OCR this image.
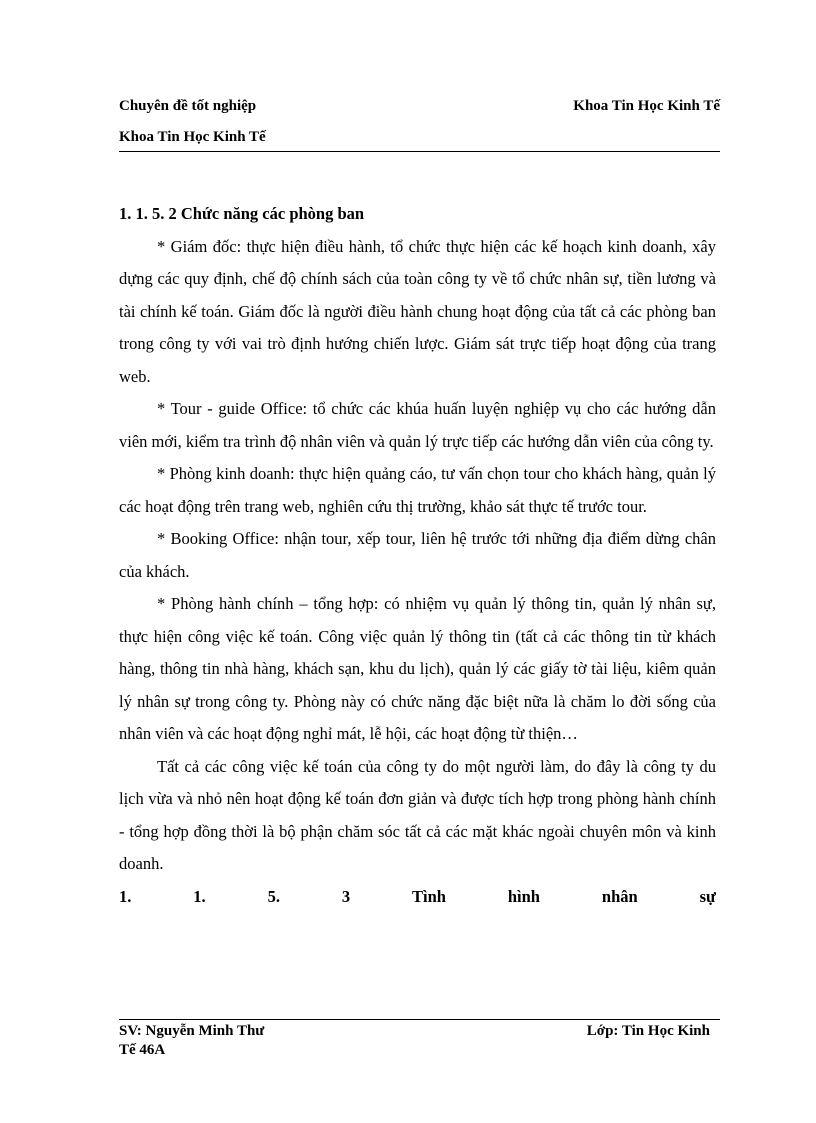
Chuyên đề tốt nghiệp
Khoa Tin Học Kinh Tế
Khoa Tin Học Kinh Tế

1. 1. 5. 2 Chức năng các phòng ban

* Giám đốc: thực hiện điều hành, tổ chức thực hiện các kế hoạch kinh doanh, xây dựng các quy định, chế độ chính sách của toàn công ty về tổ chức nhân sự, tiền lương và tài chính kế toán. Giám đốc là người điều hành chung hoạt động của tất cả các phòng ban trong công ty với vai trò định hướng chiến lược. Giám sát trực tiếp hoạt động của trang web.

* Tour - guide Office: tổ chức các khúa huấn luyện nghiệp vụ cho các hướng dẫn viên mới, kiểm tra trình độ nhân viên và quản lý trực tiếp các hướng dẫn viên của công ty.

* Phòng kinh doanh: thực hiện quảng cáo, tư vấn chọn tour cho khách hàng, quản lý các hoạt động trên trang web, nghiên cứu thị trường, khảo sát thực tế trước tour.

* Booking Office: nhận tour, xếp tour, liên hệ trước tới những địa điểm dừng chân của khách.

* Phòng hành chính – tổng hợp: có nhiệm vụ quản lý thông tin, quản lý nhân sự, thực hiện công việc kế toán. Công việc quản lý thông tin (tất cả các thông tin từ khách hàng, thông tin nhà hàng, khách sạn, khu du lịch), quản lý các giấy tờ tài liệu, kiêm quản lý nhân sự trong công ty. Phòng này có chức năng đặc biệt nữa là chăm lo đời sống của nhân viên và các hoạt động nghỉ mát, lễ hội, các hoạt động từ thiện…

Tất cả các công việc kế toán của công ty do một người làm, do đây là công ty du lịch vừa và nhỏ nên hoạt động kế toán đơn giản và được tích hợp trong phòng hành chính - tổng hợp đồng thời là bộ phận chăm sóc tất cả các mặt khác ngoài chuyên môn và kinh doanh.

1.	1.	5.	3	Tình	hình	nhân	sự

SV: Nguyễn Minh Thư
Tế 46A
Lớp: Tin Học Kinh
